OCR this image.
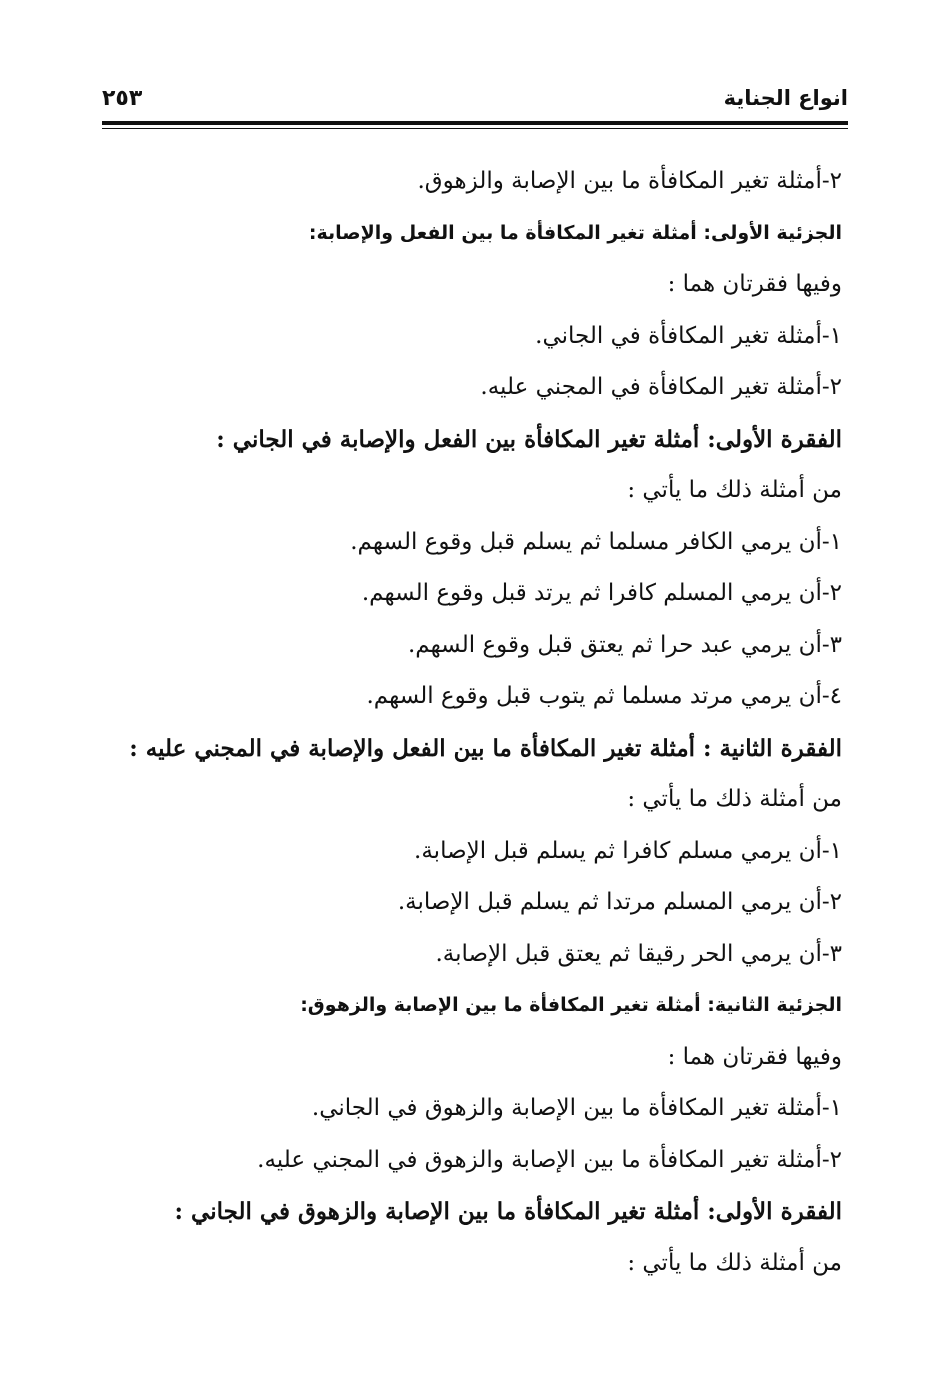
انواع الجناية
٢٥٣
٢-أمثلة تغير المكافأة ما بين الإصابة والزهوق.
الجزئية الأولى: أمثلة تغير المكافأة ما بين الفعل والإصابة:
وفيها فقرتان هما :
١-أمثلة تغير المكافأة في الجاني.
٢-أمثلة تغير المكافأة في المجني عليه.
الفقرة الأولى: أمثلة تغير المكافأة بين الفعل والإصابة في الجاني :
من أمثلة ذلك ما يأتي :
١-أن يرمي الكافر مسلما ثم يسلم قبل وقوع السهم.
٢-أن يرمي المسلم كافرا ثم يرتد قبل وقوع السهم.
٣-أن يرمي عبد حرا ثم يعتق قبل وقوع السهم.
٤-أن يرمي مرتد مسلما ثم يتوب قبل وقوع السهم.
الفقرة الثانية : أمثلة تغير المكافأة ما بين الفعل والإصابة في المجني عليه :
من أمثلة ذلك ما يأتي :
١-أن يرمي مسلم كافرا ثم يسلم قبل الإصابة.
٢-أن يرمي المسلم مرتدا ثم يسلم قبل الإصابة.
٣-أن يرمي الحر رقيقا ثم يعتق قبل الإصابة.
الجزئية الثانية: أمثلة تغير المكافأة ما بين الإصابة والزهوق:
وفيها فقرتان هما :
١-أمثلة تغير المكافأة ما بين الإصابة والزهوق في الجاني.
٢-أمثلة تغير المكافأة ما بين الإصابة والزهوق في المجني عليه.
الفقرة الأولى: أمثلة تغير المكافأة ما بين الإصابة والزهوق في الجاني :
من أمثلة ذلك ما يأتي :
